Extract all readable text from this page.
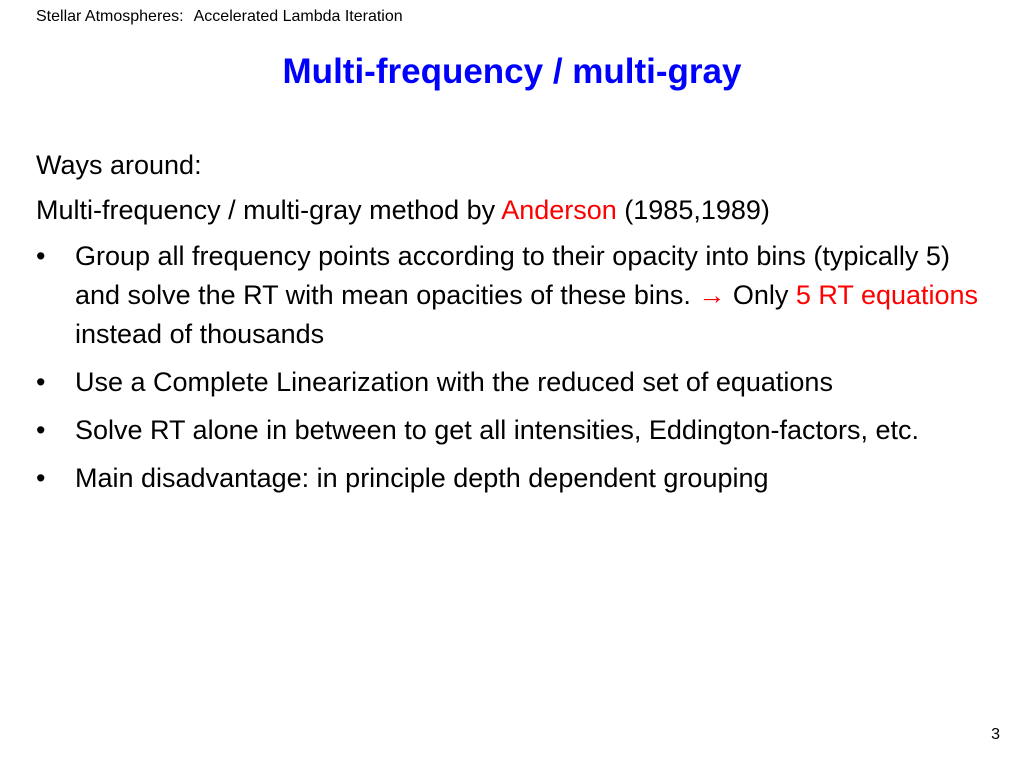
Stellar Atmospheres: Accelerated Lambda Iteration
Multi-frequency / multi-gray
Ways around:
Multi-frequency / multi-gray method by Anderson (1985,1989)
• Group all frequency points according to their opacity into bins (typically 5) and solve the RT with mean opacities of these bins. → Only 5 RT equations instead of thousands
• Use a Complete Linearization with the reduced set of equations
• Solve RT alone in between to get all intensities, Eddington-factors, etc.
• Main disadvantage: in principle depth dependent grouping
3
